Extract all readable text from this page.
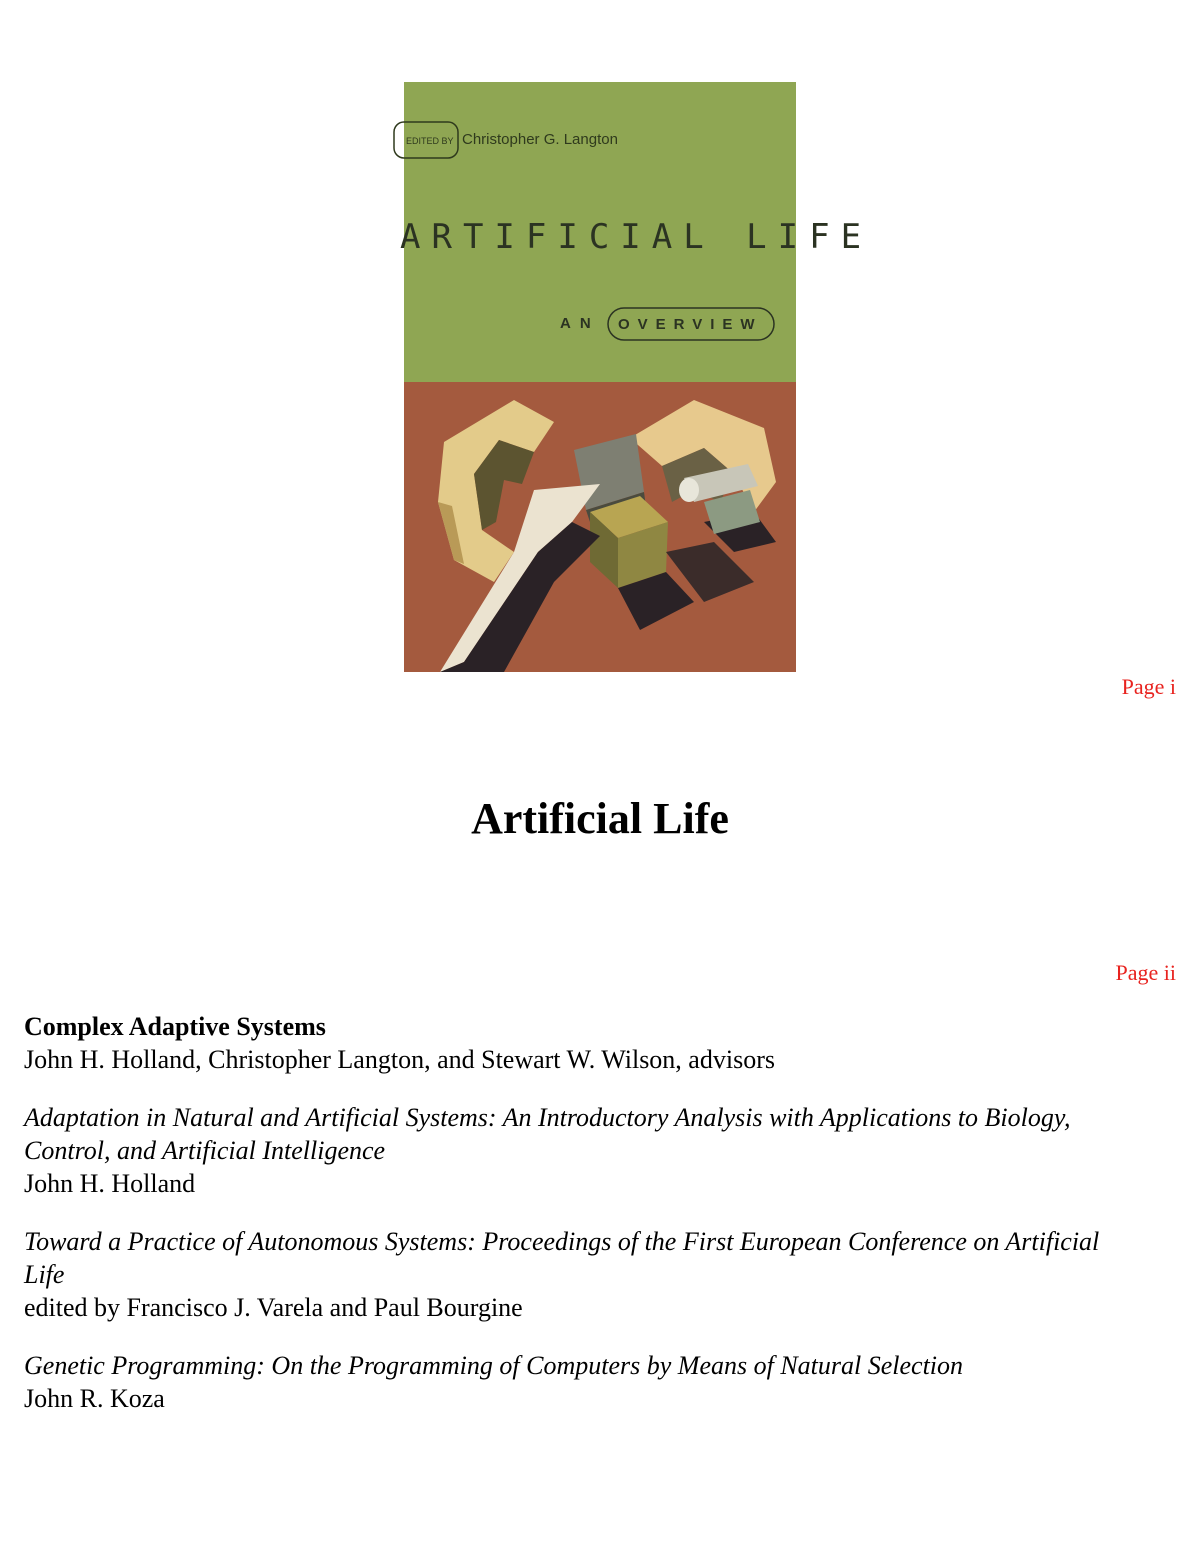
EDITED BY Christopher G. Langton
ARTIFICIAL LIFE
AN OVERVIEW
Page i
Artificial Life
Page ii
Complex Adaptive Systems
John H. Holland, Christopher Langton, and Stewart W. Wilson, advisors
Adaptation in Natural and Artificial Systems: An Introductory Analysis with Applications to Biology,
Control, and Artificial Intelligence
John H. Holland
Toward a Practice of Autonomous Systems: Proceedings of the First European Conference on Artificial
Life
edited by Francisco J. Varela and Paul Bourgine
Genetic Programming: On the Programming of Computers by Means of Natural Selection
John R. Koza
